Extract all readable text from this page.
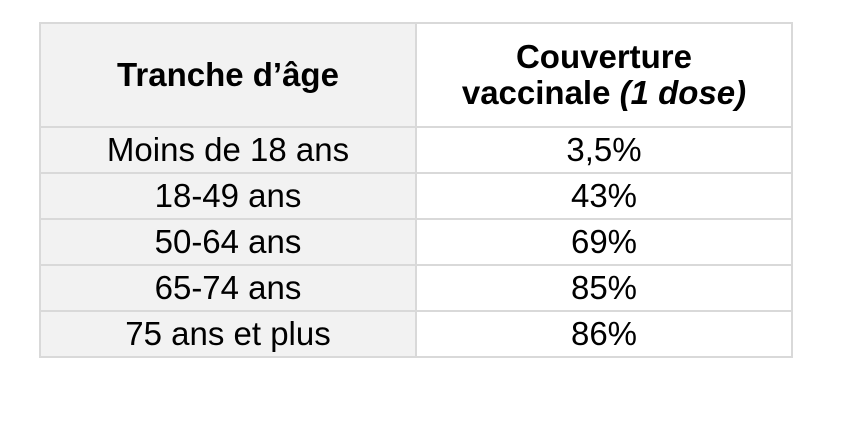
Tranche d’âge	Couverture
vaccinale (1 dose)
Moins de 18 ans	3,5%
18-49 ans	43%
50-64 ans	69%
65-74 ans	85%
75 ans et plus	86%
